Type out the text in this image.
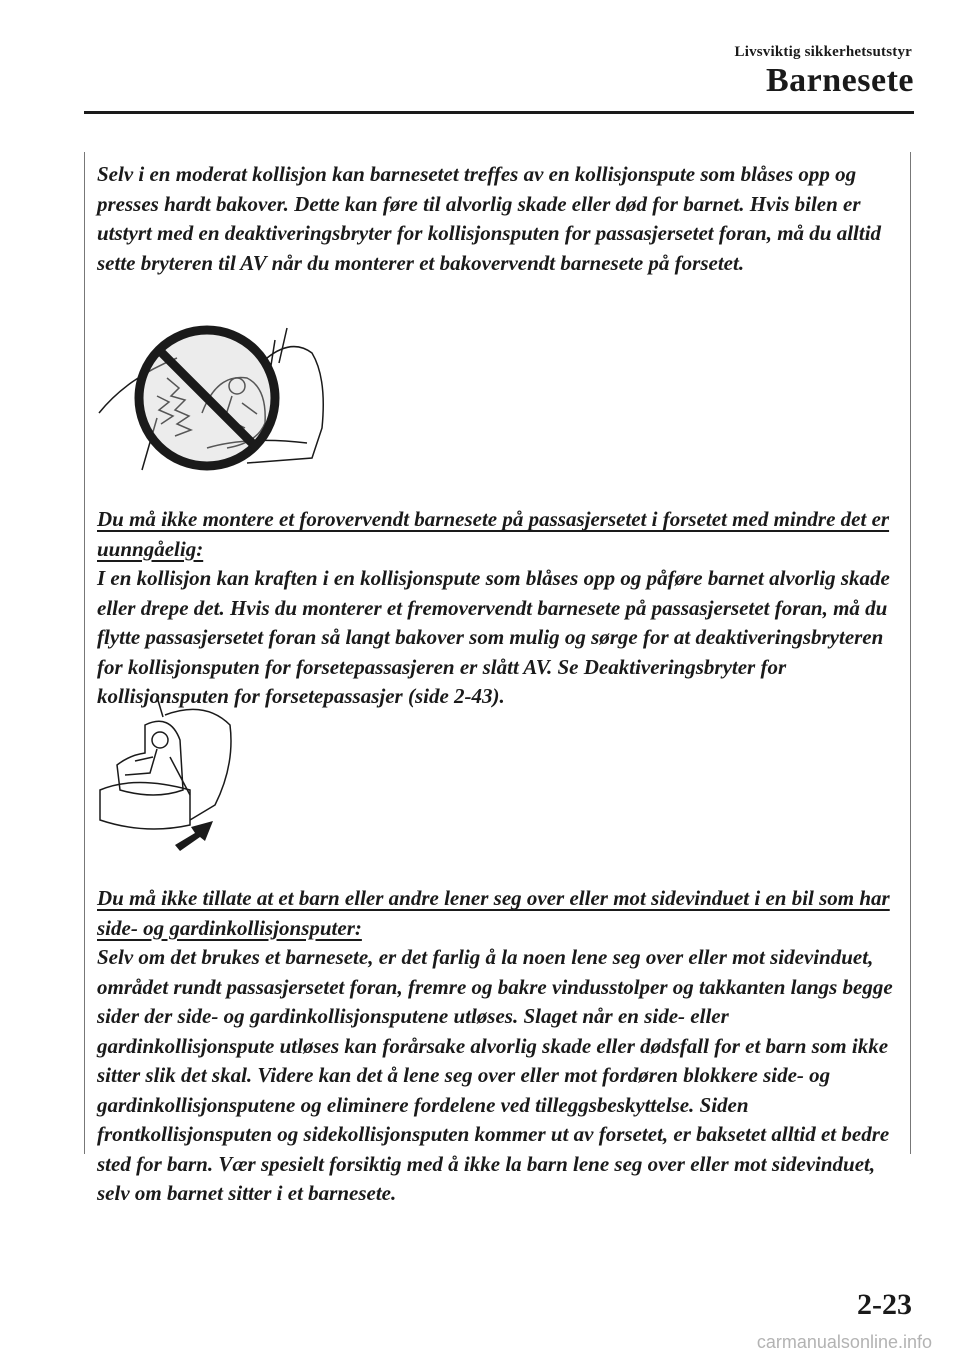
Livsviktig sikkerhetsutstyr
Barnesete

Selv i en moderat kollisjon kan barnesetet treffes av en kollisjonspute som blåses opp og presses hardt bakover. Dette kan føre til alvorlig skade eller død for barnet. Hvis bilen er utstyrt med en deaktiveringsbryter for kollisjonsputen for passasjersetet foran, må du alltid sette bryteren til AV når du monterer et bakovervendt barnesete på forsetet.

Du må ikke montere et forovervendt barnesete på passasjersetet i forsetet med mindre det er uunngåelig:
I en kollisjon kan kraften i en kollisjonspute som blåses opp og påføre barnet alvorlig skade eller drepe det. Hvis du monterer et fremovervendt barnesete på passasjersetet foran, må du flytte passasjersetet foran så langt bakover som mulig og sørge for at deaktiveringsbryteren for kollisjonsputen for forsetepassasjeren er slått AV. Se Deaktiveringsbryter for kollisjonsputen for forsetepassasjer (side 2-43).

Du må ikke tillate at et barn eller andre lener seg over eller mot sidevinduet i en bil som har side- og gardinkollisjonsputer:
Selv om det brukes et barnesete, er det farlig å la noen lene seg over eller mot sidevinduet, området rundt passasjersetet foran, fremre og bakre vindusstolper og takkanten langs begge sider der side- og gardinkollisjonsputene utløses. Slaget når en side- eller gardinkollisjonspute utløses kan forårsake alvorlig skade eller dødsfall for et barn som ikke sitter slik det skal. Videre kan det å lene seg over eller mot fordøren blokkere side- og gardinkollisjonsputene og eliminere fordelene ved tilleggsbeskyttelse. Siden frontkollisjonsputen og sidekollisjonsputen kommer ut av forsetet, er baksetet alltid et bedre sted for barn. Vær spesielt forsiktig med å ikke la barn lene seg over eller mot sidevinduet, selv om barnet sitter i et barnesete.

2-23
carmanualsonline.info
